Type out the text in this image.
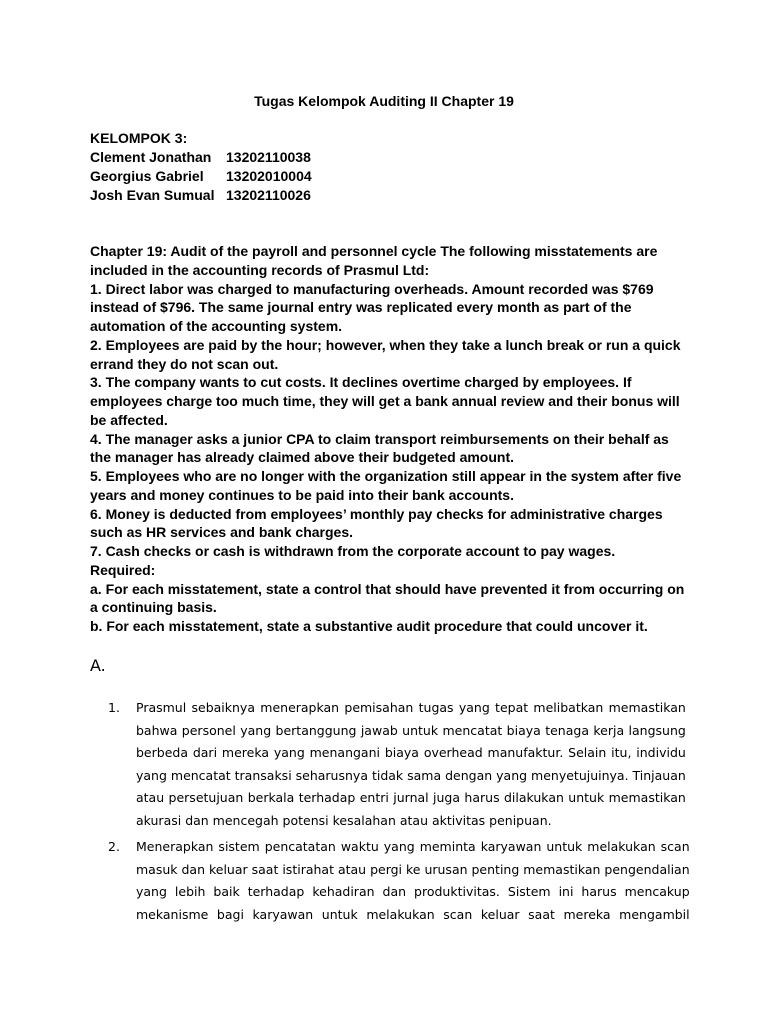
Tugas Kelompok Auditing II Chapter 19
KELOMPOK 3:
Clement Jonathan	13202110038
Georgius Gabriel	13202010004
Josh Evan Sumual 13202110026
Chapter 19: Audit of the payroll and personnel cycle The following misstatements are
included in the accounting records of Prasmul Ltd:
1. Direct labor was charged to manufacturing overheads. Amount recorded was $769
instead of $796. The same journal entry was replicated every month as part of the
automation of the accounting system.
2. Employees are paid by the hour; however, when they take a lunch break or run a quick
errand they do not scan out.
3. The company wants to cut costs. It declines overtime charged by employees. If
employees charge too much time, they will get a bank annual review and their bonus will
be affected.
4. The manager asks a junior CPA to claim transport reimbursements on their behalf as
the manager has already claimed above their budgeted amount.
5. Employees who are no longer with the organization still appear in the system after five
years and money continues to be paid into their bank accounts.
6. Money is deducted from employees’ monthly pay checks for administrative charges
such as HR services and bank charges.
7. Cash checks or cash is withdrawn from the corporate account to pay wages.
Required:
a. For each misstatement, state a control that should have prevented it from occurring on
a continuing basis.
b. For each misstatement, state a substantive audit procedure that could uncover it.
A.
1.	Prasmul sebaiknya menerapkan pemisahan tugas yang tepat melibatkan memastikan
bahwa personel yang bertanggung jawab untuk mencatat biaya tenaga kerja langsung
berbeda dari mereka yang menangani biaya overhead manufaktur. Selain itu, individu
yang mencatat transaksi seharusnya tidak sama dengan yang menyetujuinya. Tinjauan
atau persetujuan berkala terhadap entri jurnal juga harus dilakukan untuk memastikan
akurasi dan mencegah potensi kesalahan atau aktivitas penipuan.
2.	Menerapkan sistem pencatatan waktu yang meminta karyawan untuk melakukan scan
masuk dan keluar saat istirahat atau pergi ke urusan penting memastikan pengendalian
yang lebih baik terhadap kehadiran dan produktivitas. Sistem ini harus mencakup
mekanisme bagi karyawan untuk melakukan scan keluar saat mereka mengambil
